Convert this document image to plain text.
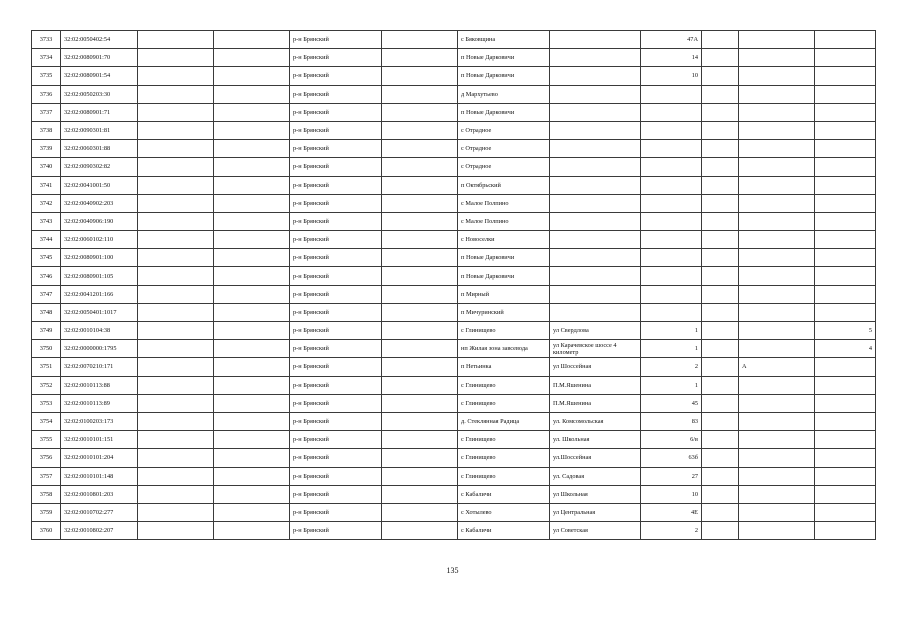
3733	32:02:0050402:54			р-н Брянский		с Бяковщина		47А			
3734	32:02:0080901:70			р-н Брянский		п Новые Дарковичи		14			
3735	32:02:0080901:54			р-н Брянский		п Новые Дарковичи		10			
3736	32:02:0050203:30			р-н Брянский		д Мархутьево					
3737	32:02:0080901:71			р-н Брянский		п Новые Дарковичи					
3738	32:02:0090301:81			р-н Брянский		с Отрадное					
3739	32:02:0060301:88			р-н Брянский		с Отрадное					
3740	32:02:0090302:82			р-н Брянский		с Отрадное					
3741	32:02:0041001:50			р-н Брянский		п Октябрьский					
3742	32:02:0040902:203			р-н Брянский		с Малое Полпино					
3743	32:02:0040906:190			р-н Брянский		с Малое Полпино					
3744	32:02:0060102:110			р-н Брянский		с Новоселки					
3745	32:02:0080901:100			р-н Брянский		п Новые Дарковичи					
3746	32:02:0080901:105			р-н Брянский		п Новые Дарковичи					
3747	32:02:0041201:166			р-н Брянский		п Мирный					
3748	32:02:0050401:1017			р-н Брянский		п Мичуринский					
3749	32:02:0010104:38			р-н Брянский		с Глинищево	ул Свердлова	1			5
3750	32:02:0000000:1795			р-н Брянский		нп Жилая зона завсевода	ул Карачевское шоссе 4 километр	1			4
3751	32:02:0070210:171			р-н Брянский		п Нетьинка	ул Шоссейная	2		А	
3752	32:02:0010113:88			р-н Брянский		с Глинищево	П.М.Яшенина	1			
3753	32:02:0010113:89			р-н Брянский		с Глинищево	П.М.Яшенина	45			
3754	32:02:0100203:173			р-н Брянский		д. Стеклянная Радица	ул. Комсомольская	83			
3755	32:02:0010101:151			р-н Брянский		с Глинищево	ул. Школьная	6/в			
3756	32:02:0010101:204			р-н Брянский		с Глинищево	ул.Шоссейная	63б			
3757	32:02:0010101:148			р-н Брянский		с Глинищево	ул. Садовая	27			
3758	32:02:0010801:203			р-н Брянский		с Кабаличи	ул Школьная	10			
3759	32:02:0010702:277			р-н Брянский		с Хотылево	ул Центральная	4Е			
3760	32:02:0010802:207			р-н Брянский		с Кабаличи	ул Советская	2			
135
